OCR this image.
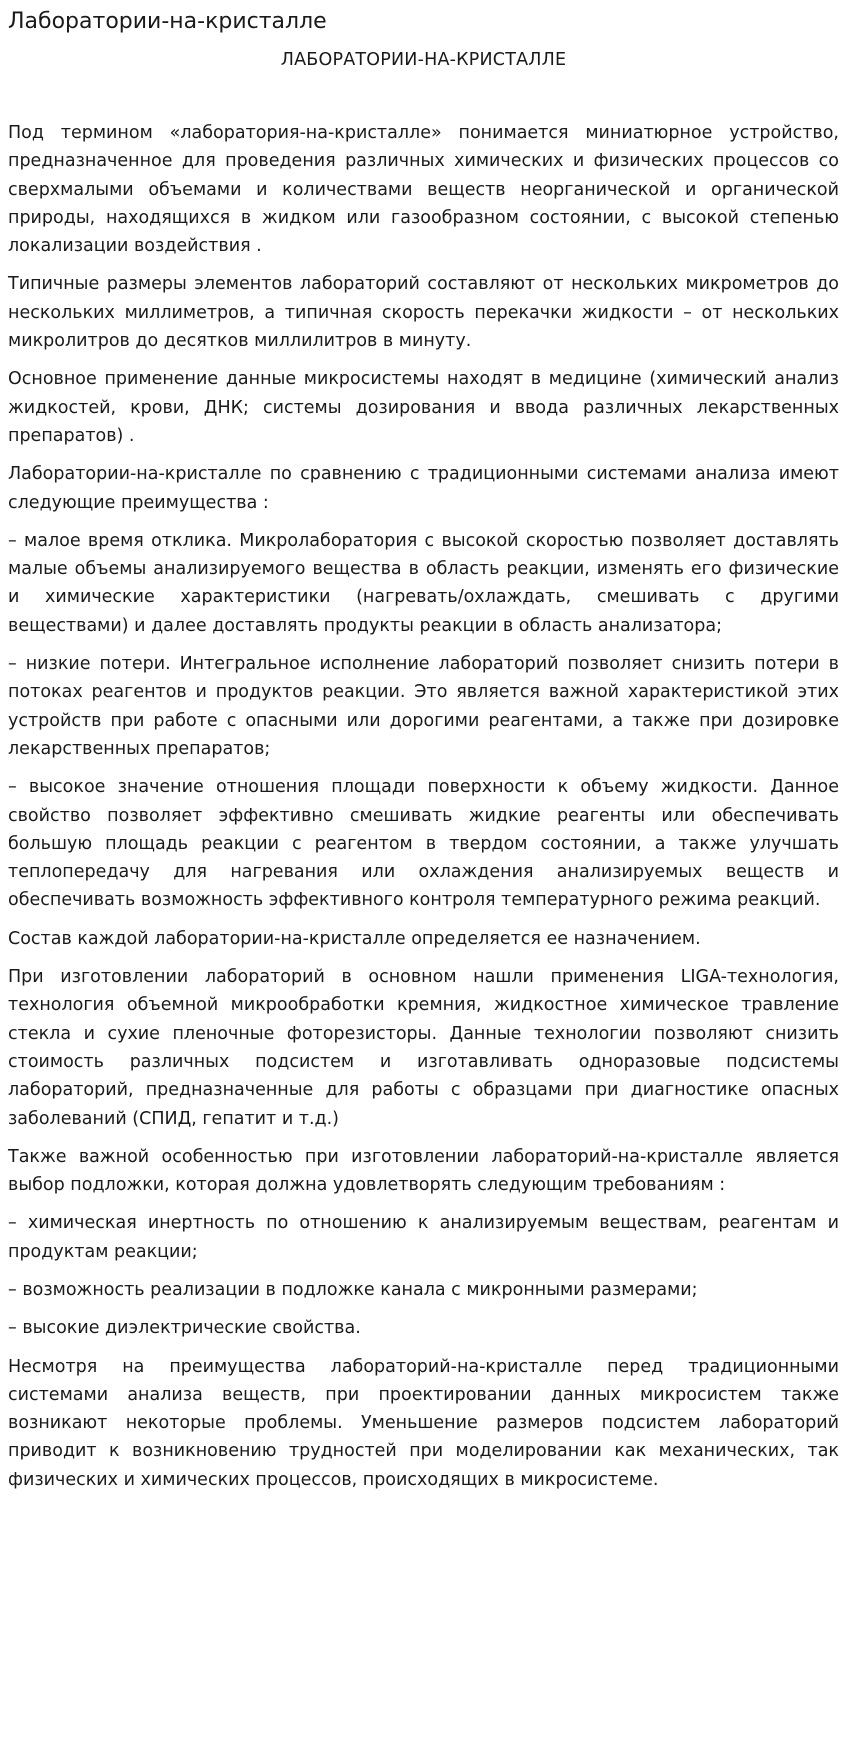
Лаборатории-на-кристалле
ЛАБОРАТОРИИ-НА-КРИСТАЛЛЕ

Под термином «лаборатория-на-кристалле» понимается миниатюрное устройство, предназначенное для проведения различных химических и физических процессов со сверхмалыми объемами и количествами веществ неорганической и органической природы, находящихся в жидком или газообразном состоянии, с высокой степенью локализации воздействия .

Типичные размеры элементов лабораторий составляют от нескольких микрометров до нескольких миллиметров, а типичная скорость перекачки жидкости – от нескольких микролитров до десятков миллилитров в минуту.

Основное применение данные микросистемы находят в медицине (химический анализ жидкостей, крови, ДНК; системы дозирования и ввода различных лекарственных препаратов) .

Лаборатории-на-кристалле по сравнению с традиционными системами анализа имеют следующие преимущества :

– малое время отклика. Микролаборатория с высокой скоростью позволяет доставлять малые объемы анализируемого вещества в область реакции, изменять его физические и химические характеристики (нагревать/охлаждать, смешивать с другими веществами) и далее доставлять продукты реакции в область анализатора;

– низкие потери. Интегральное исполнение лабораторий позволяет снизить потери в потоках реагентов и продуктов реакции. Это является важной характеристикой этих устройств при работе с опасными или дорогими реагентами, а также при дозировке лекарственных препаратов;

– высокое значение отношения площади поверхности к объему жидкости. Данное свойство позволяет эффективно смешивать жидкие реагенты или обеспечивать большую площадь реакции с реагентом в твердом состоянии, а также улучшать теплопередачу для нагревания или охлаждения анализируемых веществ и обеспечивать возможность эффективного контроля температурного режима реакций.

Состав каждой лаборатории-на-кристалле определяется ее назначением.

При изготовлении лабораторий в основном нашли применения LIGA-технология, технология объемной микрообработки кремния, жидкостное химическое травление стекла и сухие пленочные фоторезисторы. Данные технологии позволяют снизить стоимость различных подсистем и изготавливать одноразовые подсистемы лабораторий, предназначенные для работы с образцами при диагностике опасных заболеваний (СПИД, гепатит и т.д.)

Также важной особенностью при изготовлении лабораторий-на-кристалле является выбор подложки, которая должна удовлетворять следующим требованиям :

– химическая инертность по отношению к анализируемым веществам, реагентам и продуктам реакции;

– возможность реализации в подложке канала с микронными размерами;

– высокие диэлектрические свойства.

Несмотря на преимущества лабораторий-на-кристалле перед традиционными системами анализа веществ, при проектировании данных микросистем также возникают некоторые проблемы. Уменьшение размеров подсистем лабораторий приводит к возникновению трудностей при моделировании как механических, так физических и химических процессов, происходящих в микросистеме.
